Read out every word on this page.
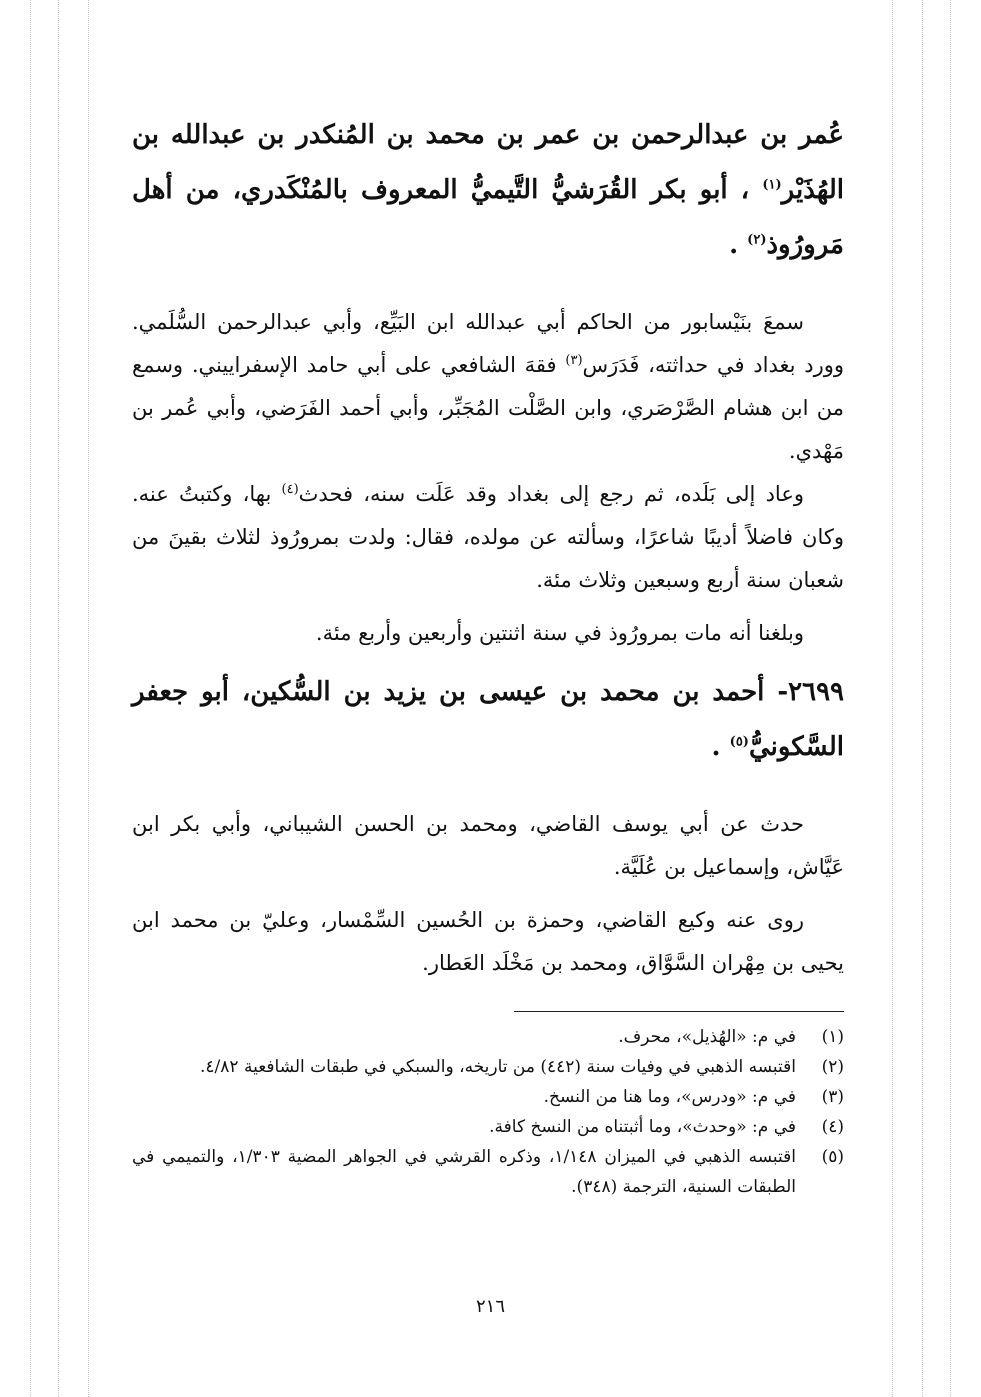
عُمر بن عبدالرحمن بن عمر بن محمد بن المُنكدر بن عبدالله بن الهُذَيْر$^{(١)}$ ، أبو بكر القُرَشيُّ التَّيميُّ المعروف بالمُنْكَدري، من أهل مَرورُوذ$^{(٢)}$ .

سمعَ بنَيْسابور من الحاكم أبي عبدالله ابن البَيِّع، وأبي عبدالرحمن السُّلَمي. وورد بغداد في حداثته، فَدَرَس$^{(٣)}$ فقهَ الشافعي على أبي حامد الإسفراييني. وسمع من ابن هشام الصَّرْصَري، وابن الصَّلْت المُجَبِّر، وأبي أحمد الفَرَضي، وأبي عُمر بن مَهْدي.

وعاد إلى بَلَده، ثم رجع إلى بغداد وقد عَلَت سنه، فحدث$^{(٤)}$ بها، وكتبتُ عنه. وكان فاضلاً أديبًا شاعرًا، وسألته عن مولده، فقال: ولدت بمرورُوذ لثلاث بقينَ من شعبان سنة أربع وسبعين وثلاث مئة.

وبلغنا أنه مات بمرورُوذ في سنة اثنتين وأربعين وأربع مئة.

٢٦٩٩- أحمد بن محمد بن عيسى بن يزيد بن السُّكين، أبو جعفر السَّكونيُّ$^{(٥)}$ .

حدث عن أبي يوسف القاضي، ومحمد بن الحسن الشيباني، وأبي بكر ابن عَيَّاش، وإسماعيل بن عُلَيَّة.

روى عنه وكيع القاضي، وحمزة بن الحُسين السِّمْسار، وعليّ بن محمد ابن يحيى بن مِهْران السَّوَّاق، ومحمد بن مَخْلَد العَطار.

(١)
في م: «الهُذيل»، محرف.

(٢)
اقتبسه الذهبي في وفيات سنة (٤٤٢) من تاريخه، والسبكي في طبقات الشافعية ٤/٨٢.

(٣)
في م: «ودرس»، وما هنا من النسخ.

(٤)
في م: «وحدث»، وما أثبتناه من النسخ كافة.

(٥)
اقتبسه الذهبي في الميزان ١/١٤٨، وذكره القرشي في الجواهر المضية ١/٣٠٣، والتميمي في الطبقات السنية، الترجمة (٣٤٨).

٢١٦
